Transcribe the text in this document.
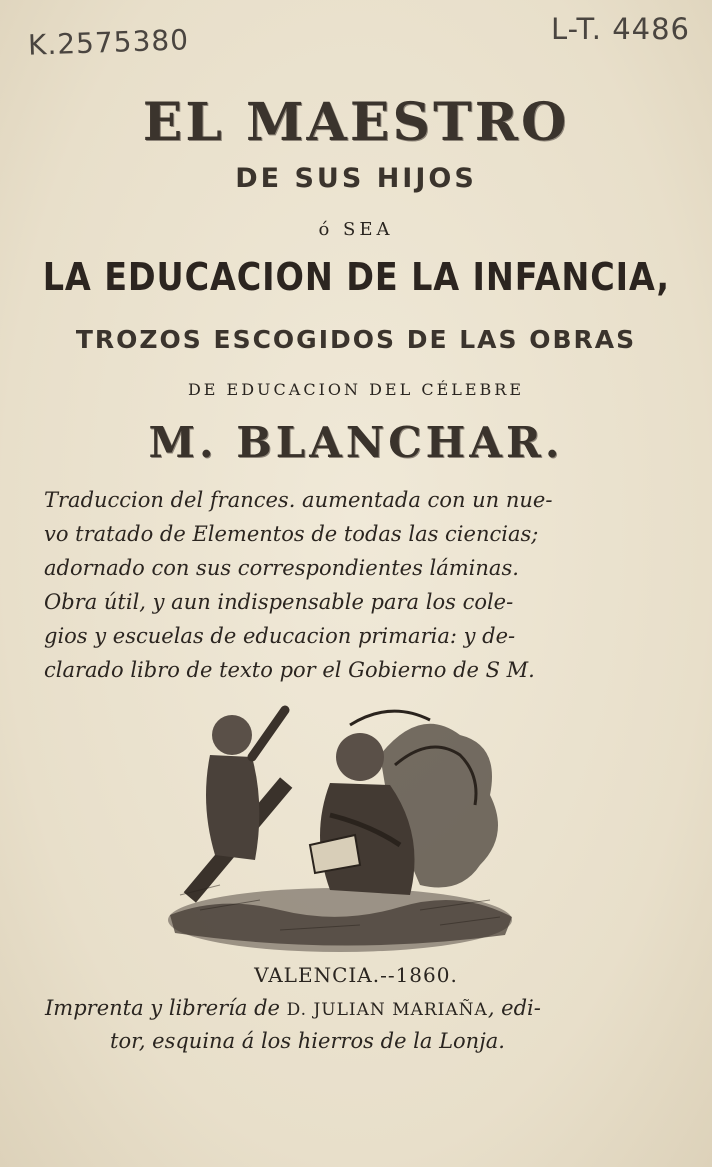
K.2575380	L-T. 4486
EL MAESTRO
DE SUS HIJOS
ó SEA
LA EDUCACION DE LA INFANCIA,
TROZOS ESCOGIDOS DE LAS OBRAS
DE EDUCACION DEL CÉLEBRE
M. BLANCHAR.
Traduccion del frances. aumentada con un nue-
vo tratado de Elementos de todas las ciencias;
adornado con sus correspondientes láminas.
Obra útil, y aun indispensable para los cole-
gios y escuelas de educacion primaria: y de-
clarado libro de texto por el Gobierno de S M.
VALENCIA.--1860.
Imprenta y librería de D. JULIAN MARIAÑA, edi-
tor, esquina á los hierros de la Lonja.
